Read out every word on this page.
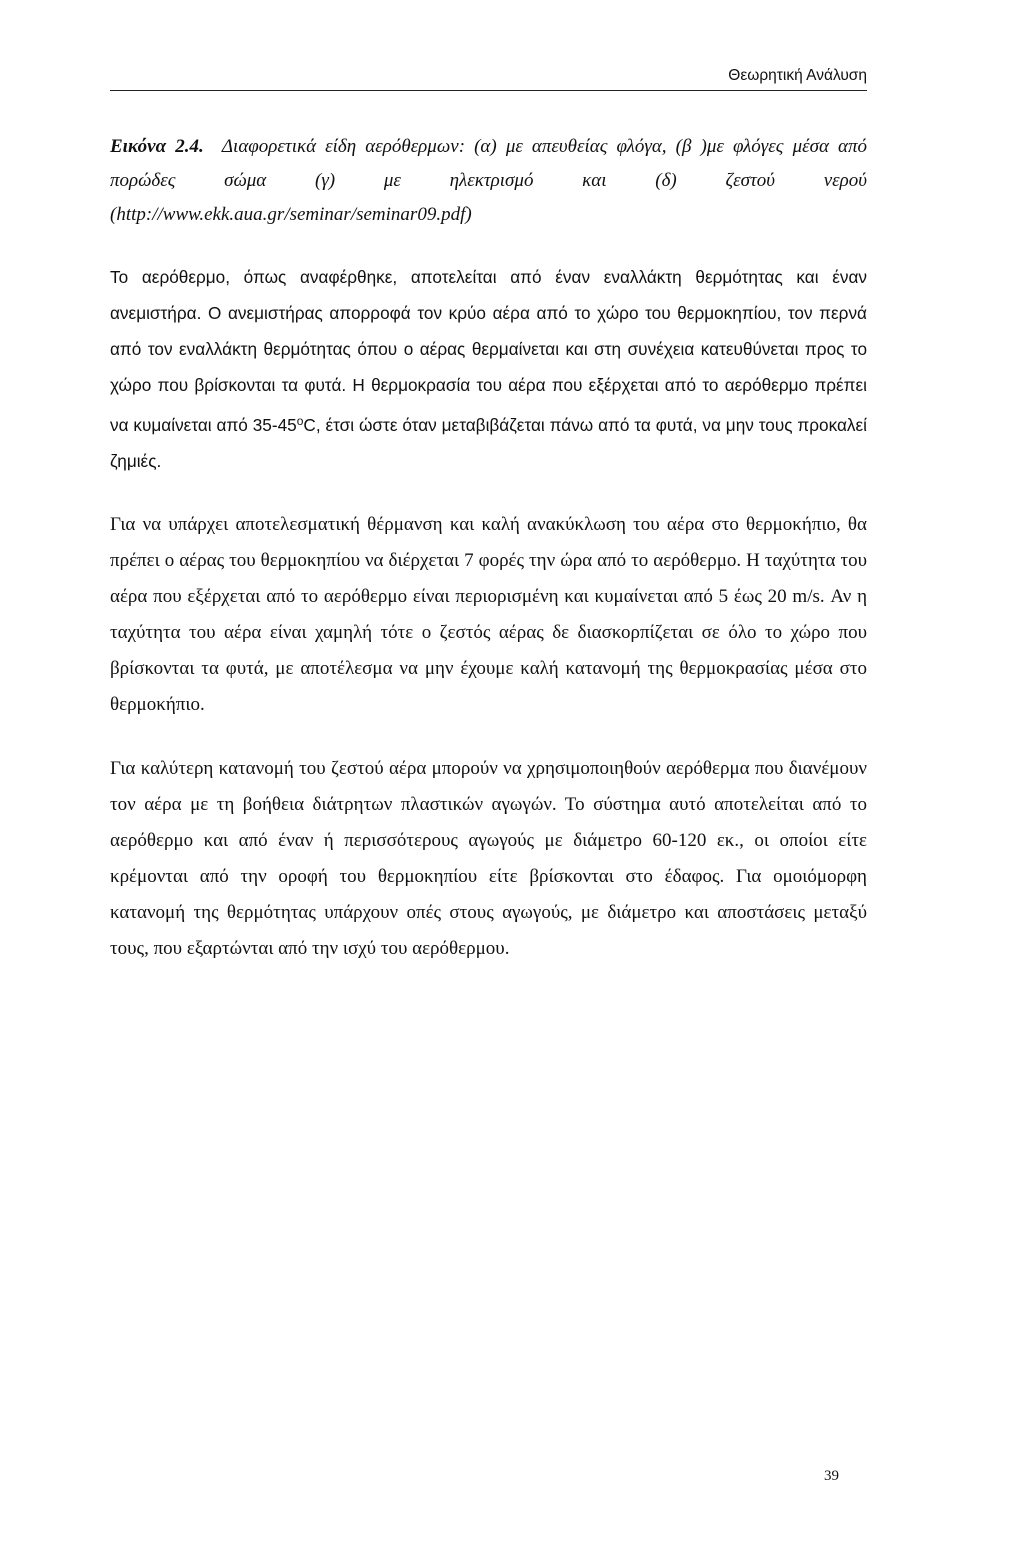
Θεωρητική Ανάλυση

Εικόνα 2.4. Διαφορετικά είδη αερόθερμων: (α) με απευθείας φλόγα, (β )με φλόγες μέσα από πορώδες σώμα (γ) με ηλεκτρισμό και (δ) ζεστού νερού (http://www.ekk.aua.gr/seminar/seminar09.pdf)

Το αερόθερμο, όπως αναφέρθηκε, αποτελείται από έναν εναλλάκτη θερμότητας και έναν ανεμιστήρα. Ο ανεμιστήρας απορροφά τον κρύο αέρα από το χώρο του θερμοκηπίου, τον περνά από τον εναλλάκτη θερμότητας όπου ο αέρας θερμαίνεται και στη συνέχεια κατευθύνεται προς το χώρο που βρίσκονται τα φυτά. Η θερμοκρασία του αέρα που εξέρχεται από το αερόθερμο πρέπει να κυμαίνεται από 35-45$^o$C, έτσι ώστε όταν μεταβιβάζεται πάνω από τα φυτά, να μην τους προκαλεί ζημιές.

Για να υπάρχει αποτελεσματική θέρμανση και καλή ανακύκλωση του αέρα στο θερμοκήπιο, θα πρέπει ο αέρας του θερμοκηπίου να διέρχεται 7 φορές την ώρα από το αερόθερμο. Η ταχύτητα του αέρα που εξέρχεται από το αερόθερμο είναι περιορισμένη και κυμαίνεται από 5 έως 20 m/s. Αν η ταχύτητα του αέρα είναι χαμηλή τότε ο ζεστός αέρας δε διασκορπίζεται σε όλο το χώρο που βρίσκονται τα φυτά, με αποτέλεσμα να μην έχουμε καλή κατανομή της θερμοκρασίας μέσα στο θερμοκήπιο.

Για καλύτερη κατανομή του ζεστού αέρα μπορούν να χρησιμοποιηθούν αερόθερμα που διανέμουν τον αέρα με τη βοήθεια διάτρητων πλαστικών αγωγών. Το σύστημα αυτό αποτελείται από το αερόθερμο και από έναν ή περισσότερους αγωγούς με διάμετρο 60-120 εκ., οι οποίοι είτε κρέμονται από την οροφή του θερμοκηπίου είτε βρίσκονται στο έδαφος. Για ομοιόμορφη κατανομή της θερμότητας υπάρχουν οπές στους αγωγούς, με διάμετρο και αποστάσεις μεταξύ τους, που εξαρτώνται από την ισχύ του αερόθερμου.

39
